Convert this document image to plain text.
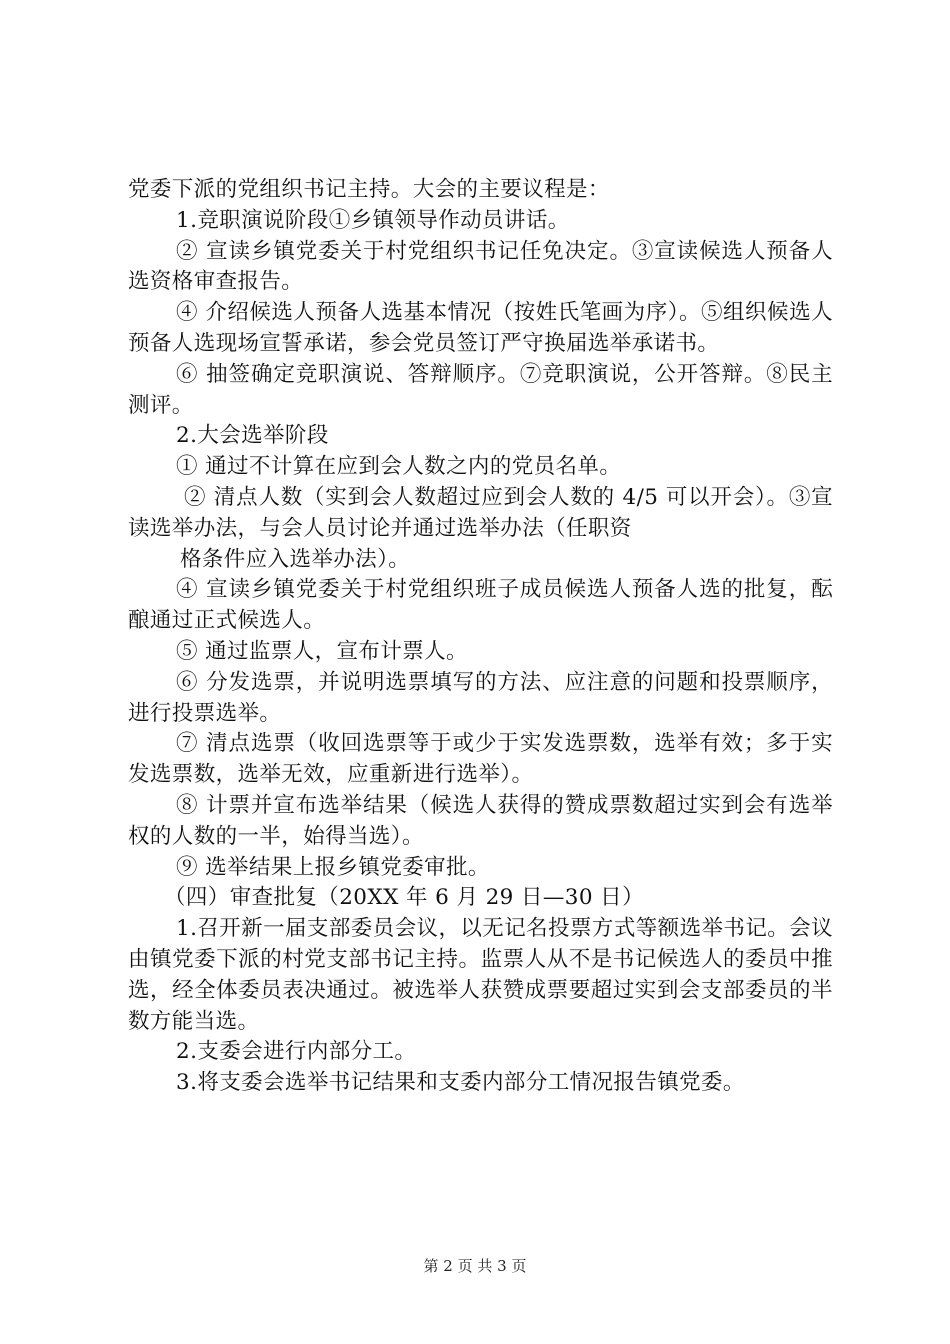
党委下派的党组织书记主持。大会的主要议程是：

1.竞职演说阶段①乡镇领导作动员讲话。

② 宣读乡镇党委关于村党组织书记任免决定。③宣读候选人预备人选资格审查报告。

④ 介绍候选人预备人选基本情况（按姓氏笔画为序）。⑤组织候选人预备人选现场宣誓承诺，参会党员签订严守换届选举承诺书。

⑥ 抽签确定竞职演说、答辩顺序。⑦竞职演说，公开答辩。⑧民主测评。

2.大会选举阶段

① 通过不计算在应到会人数之内的党员名单。

② 清点人数（实到会人数超过应到会人数的 4/5 可以开会）。③宣读选举办法，与会人员讨论并通过选举办法（任职资

格条件应入选举办法）。

④ 宣读乡镇党委关于村党组织班子成员候选人预备人选的批复，酝酿通过正式候选人。

⑤ 通过监票人，宣布计票人。

⑥ 分发选票，并说明选票填写的方法、应注意的问题和投票顺序，进行投票选举。

⑦ 清点选票（收回选票等于或少于实发选票数，选举有效；多于实发选票数，选举无效，应重新进行选举）。

⑧ 计票并宣布选举结果（候选人获得的赞成票数超过实到会有选举权的人数的一半，始得当选）。

⑨ 选举结果上报乡镇党委审批。

（四）审查批复（20XX 年 6 月 29 日—30 日）

1.召开新一届支部委员会议，以无记名投票方式等额选举书记。会议由镇党委下派的村党支部书记主持。监票人从不是书记候选人的委员中推选，经全体委员表决通过。被选举人获赞成票要超过实到会支部委员的半数方能当选。

2.支委会进行内部分工。

3.将支委会选举书记结果和支委内部分工情况报告镇党委。

第 2 页 共 3 页
